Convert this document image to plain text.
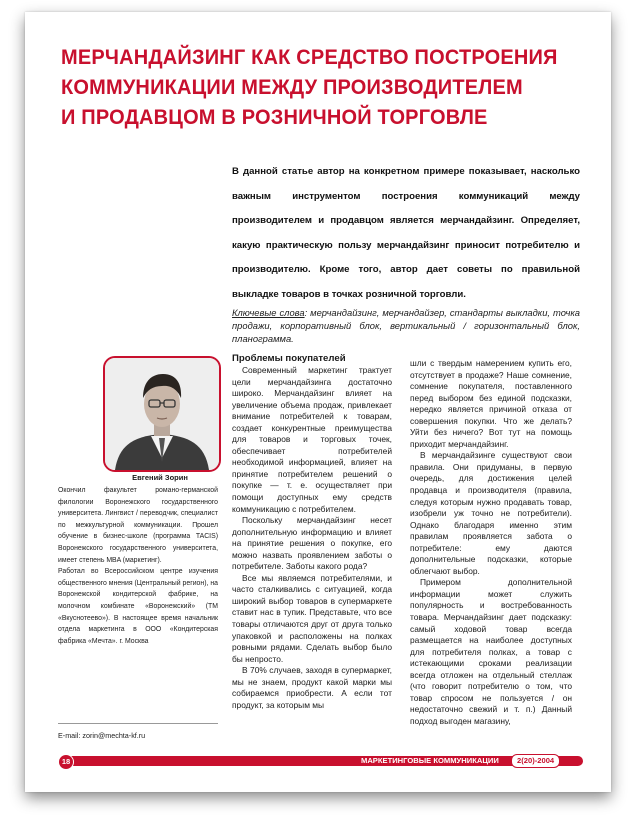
МЕРЧАНДАЙЗИНГ КАК СРЕДСТВО ПОСТРОЕНИЯ
КОММУНИКАЦИИ МЕЖДУ ПРОИЗВОДИТЕЛЕМ
И ПРОДАВЦОМ В РОЗНИЧНОЙ ТОРГОВЛЕ

В данной статье автор на конкретном примере показывает, насколько важным инструментом построения коммуникаций между производителем и продавцом является мерчандайзинг. Определяет, какую практическую пользу мерчандайзинг приносит потребителю и производителю. Кроме того, автор дает советы по правильной выкладке товаров в точках розничной торговли.

Ключевые слова: мерчандайзинг, мерчандайзер, стандарты выкладки, точка продажи, корпоративный блок, вертикальный / горизонтальный блок, планограмма.

Евгений Зорин

Окончил факультет романо-германской филологии Воронежского государственного университета. Лингвист / переводчик, специалист по межкультурной коммуникации. Прошел обучение в бизнес-школе (программа TACIS) Воронежского государственного университета, имеет степень MBA (маркетинг).

Работал во Всероссийском центре изучения общественного мнения (Центральный регион), на Воронежской кондитерской фабрике, на молочном комбинате «Воронежский» (ТМ «Вкуснотеево»). В настоящее время начальник отдела маркетинга в ООО «Кондитерская фабрика «Мечта». г. Москва

E-mail: zorin@mechta-kf.ru

Проблемы покупателей

Современный маркетинг трактует цели мерчандайзинга достаточно широко. Мерчандайзинг влияет на увеличение объема продаж, привлекает внимание потребителей к товарам, создает конкурентные преимущества для товаров и торговых точек, обеспечивает потребителей необходимой информацией, влияет на принятие потребителем решений о покупке — т. е. осуществляет при помощи доступных ему средств коммуникацию с потребителем.

Поскольку мерчандайзинг несет дополнительную информацию и влияет на принятие решения о покупке, его можно назвать проявлением заботы о потребителе. Заботы какого рода?

Все мы являемся потребителями, и часто сталкивались с ситуацией, когда широкий выбор товаров в супермаркете ставит нас в тупик. Представьте, что все товары отличаются друг от друга только упаковкой и расположены на полках ровными рядами. Сделать выбор было бы непросто.

В 70% случаев, заходя в супермаркет, мы не знаем, продукт какой марки мы собираемся приобрести. А если тот продукт, за которым мы

шли с твердым намерением купить его, отсутствует в продаже? Наше сомнение, сомнение покупателя, поставленного перед выбором без единой подсказки, нередко является причиной отказа от совершения покупки. Что же делать? Уйти без ничего? Вот тут на помощь приходит мерчандайзинг.

В мерчандайзинге существуют свои правила. Они придуманы, в первую очередь, для достижения целей продавца и производителя (правила, следуя которым нужно продавать товар, изобрели уж точно не потребители). Однако благодаря именно этим правилам проявляется забота о потребителе: ему даются дополнительные подсказки, которые облегчают выбор.

Примером дополнительной информации может служить популярность и востребованность товара. Мерчандайзинг дает подсказку: самый ходовой товар всегда размещается на наиболее доступных для потребителя полках, а товар с истекающими сроками реализации всегда отложен на отдельный стеллаж (что говорит потребителю о том, что товар спросом не пользуется / он недостаточно свежий и т. п.) Данный подход выгоден магазину,

18	МАРКЕТИНГОВЫЕ КОММУНИКАЦИИ	2(20)-2004
